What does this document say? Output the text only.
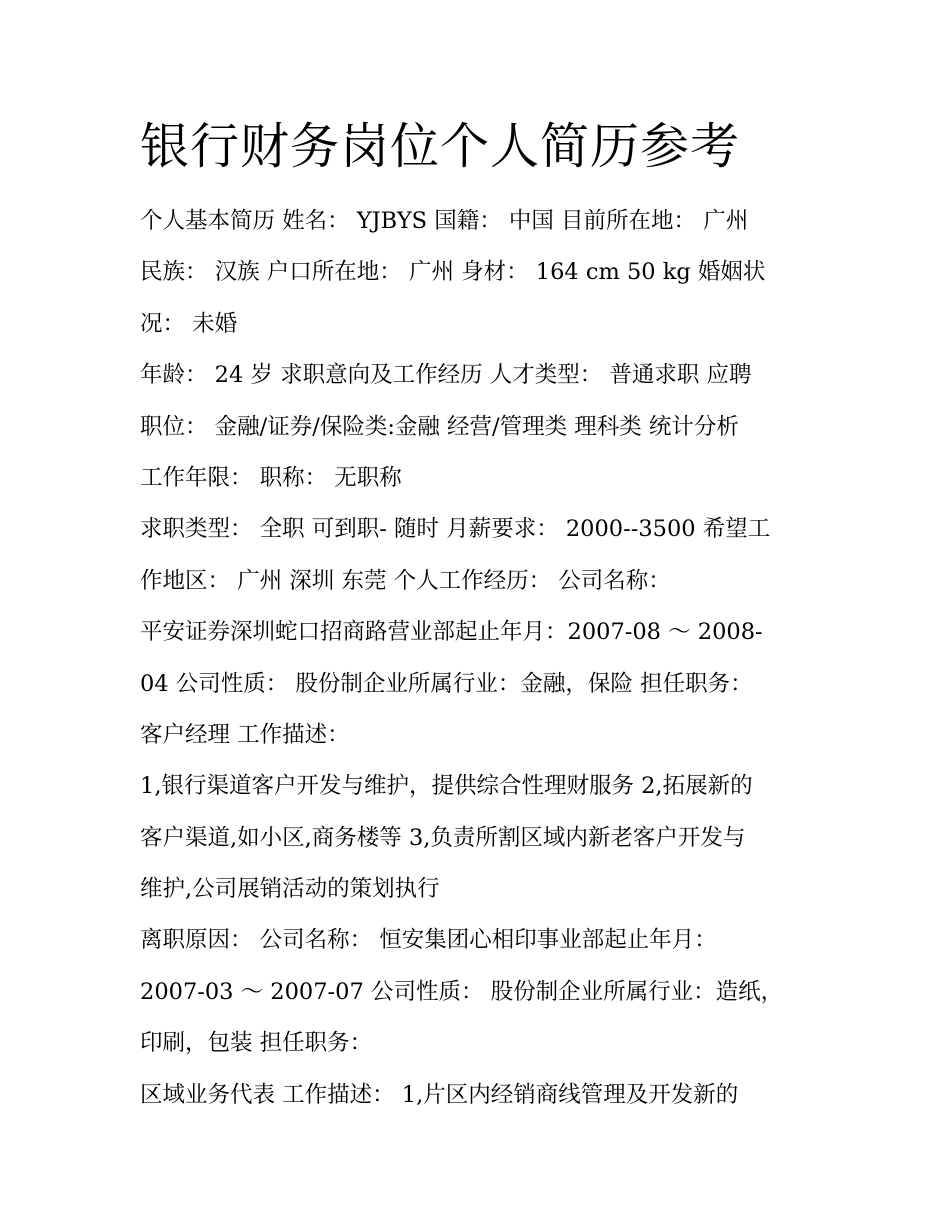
银行财务岗位个人简历参考
个人基本简历 姓名： YJBYS 国籍： 中国 目前所在地： 广州
民族： 汉族 户口所在地： 广州 身材： 164 cm 50 kg 婚姻状
况： 未婚
年龄： 24 岁 求职意向及工作经历 人才类型： 普通求职 应聘
职位： 金融/证券/保险类:金融 经营/管理类 理科类 统计分析
工作年限： 职称： 无职称
求职类型： 全职 可到职- 随时 月薪要求： 2000--3500 希望工
作地区： 广州 深圳 东莞 个人工作经历： 公司名称：
平安证券深圳蛇口招商路营业部起止年月：2007-08 ～ 2008-
04 公司性质： 股份制企业所属行业：金融，保险 担任职务：
客户经理 工作描述：
1,银行渠道客户开发与维护，提供综合性理财服务 2,拓展新的
客户渠道,如小区,商务楼等 3,负责所割区域内新老客户开发与
维护,公司展销活动的策划执行
离职原因： 公司名称： 恒安集团心相印事业部起止年月：
2007-03 ～ 2007-07 公司性质： 股份制企业所属行业：造纸，
印刷，包装 担任职务：
区域业务代表 工作描述： 1,片区内经销商线管理及开发新的
